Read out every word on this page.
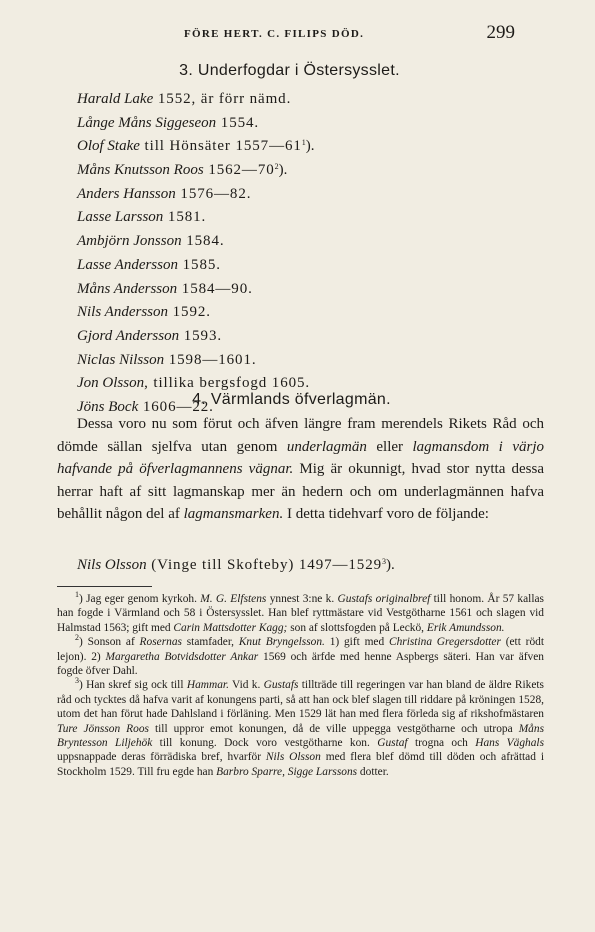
FÖRE HERT. C. FILIPS DÖD.	299
3. Underfogdar i Östersysslet.
Harald Lake 1552, är förr nämd.
Långe Måns Siggeseon 1554.
Olof Stake till Hönsäter $1557—61^1$).
Måns Knutsson Roos $1562—70^2$).
Anders Hansson 1576—82.
Lasse Larsson 1581.
Ambjörn Jonsson 1584.
Lasse Andersson 1585.
Måns Andersson 1584—90.
Nils Andersson 1592.
Gjord Andersson 1593.
Niclas Nilsson 1598—1601.
Jon Olsson, tillika bergsfogd 1605.
Jöns Bock 1606—22.
4. Värmlands öfverlagmän.

Dessa voro nu som förut och äfven längre fram merendels Rikets Råd och dömde sällan sjelfva utan genom underlagmän eller lagmansdom i värjo hafvande på öfverlagmannens vägnar. Mig är okunnigt, hvad stor nytta dessa herrar haft af sitt lagmanskap mer än hedern och om underlagmännen hafva behållit någon del af lagmansmarken. I detta tidehvarf voro de följande:

Nils Olsson (Vinge till Skofteby) 1497—1529$^3$).

$^1$) Jag eger genom kyrkoh. M. G. Elfstens ynnest 3:ne k. Gustafs originalbref till honom. År 57 kallas han fogde i Värmland och 58 i Östersysslet. Han blef ryttmästare vid Vestgötharne 1561 och slagen vid Halmstad 1563; gift med Carin Mattsdotter Kagg; son af slottsfogden på Leckö, Erik Amundsson.

$^2$) Sonson af Rosernas stamfader, Knut Bryngelsson. 1) gift med Christina Gregersdotter (ett rödt lejon). 2) Margaretha Botvidsdotter Ankar 1569 och ärfde med henne Aspbergs säteri. Han var äfven fogde öfver Dahl.

$^3$) Han skref sig ock till Hammar. Vid k. Gustafs tillträde till regeringen var han bland de äldre Rikets råd och tycktes då hafva varit af konungens parti, så att han ock blef slagen till riddare på kröningen 1528, utom det han förut hade Dahlsland i förläning. Men 1529 lät han med flera förleda sig af rikshofmästaren Ture Jönsson Roos till uppror emot konungen, då de ville uppegga vestgötharne och utropa Måns Bryntesson Liljehök till konung. Dock voro vestgötharne kon. Gustaf trogna och Hans Väghals uppsnappade deras förrädiska bref, hvarför Nils Olsson med flera blef dömd till döden och afrättad i Stockholm 1529. Till fru egde han Barbro Sparre, Sigge Larssons dotter.
